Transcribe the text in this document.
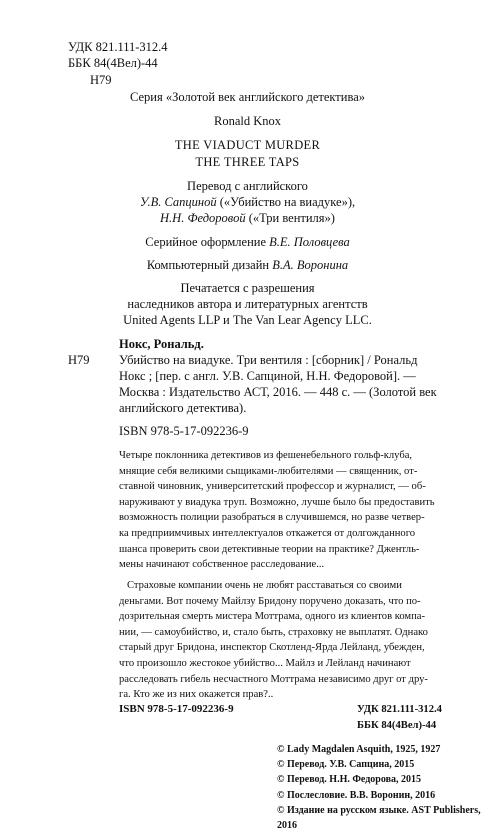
УДК 821.111-312.4
ББК 84(4Вел)-44
Н79
Серия «Золотой век английского детектива»
Ronald Knox
THE VIADUCT MURDER
THE THREE TAPS
Перевод с английского
У.В. Сапциной («Убийство на виадуке»),
Н.Н. Федоровой («Три вентиля»)
Серийное оформление В.Е. Половцева
Компьютерный дизайн В.А. Воронина
Печатается с разрешения
наследников автора и литературных агентств
United Agents LLP и The Van Lear Agency LLC.
Нокс, Рональд.
Н79 Убийство на виадуке. Три вентиля : [сборник] / Рональд
Нокс ; [пер. с англ. У.В. Сапциной, Н.Н. Федоровой]. —
Москва : Издательство АСТ, 2016. — 448 с. — (Золотой век
английского детектива).
ISBN 978-5-17-092236-9
Четыре поклонника детективов из фешенебельного гольф-клуба,
мнящие себя великими сыщиками-любителями — священник, от-
ставной чиновник, университетский профессор и журналист, — об-
наруживают у виадука труп. Возможно, лучше было бы предоставить
возможность полиции разобраться в случившемся, но разве четвер-
ка предприимчивых интеллектуалов откажется от долгожданного
шанса проверить свои детективные теории на практике? Джентль-
мены начинают собственное расследование...
Страховые компании очень не любят расставаться со своими
деньгами. Вот почему Майлзу Бридону поручено доказать, что по-
дозрительная смерть мистера Моттрама, одного из клиентов компа-
нии, — самоубийство, и, стало быть, страховку не выплатят. Однако
старый друг Бридона, инспектор Скотленд-Ярда Лейланд, убежден,
что произошло жестокое убийство... Майлз и Лейланд начинают
расследовать гибель несчастного Моттрама независимо друг от дру-
га. Кто же из них окажется прав?..
УДК 821.111-312.4
ББК 84(4Вел)-44
© Lady Magdalen Asquith, 1925, 1927
© Перевод. У.В. Сапцина, 2015
© Перевод. Н.Н. Федорова, 2015
© Послесловие. В.В. Воронин, 2016
© Издание на русском языке. AST Publishers, 2016
ISBN 978-5-17-092236-9
